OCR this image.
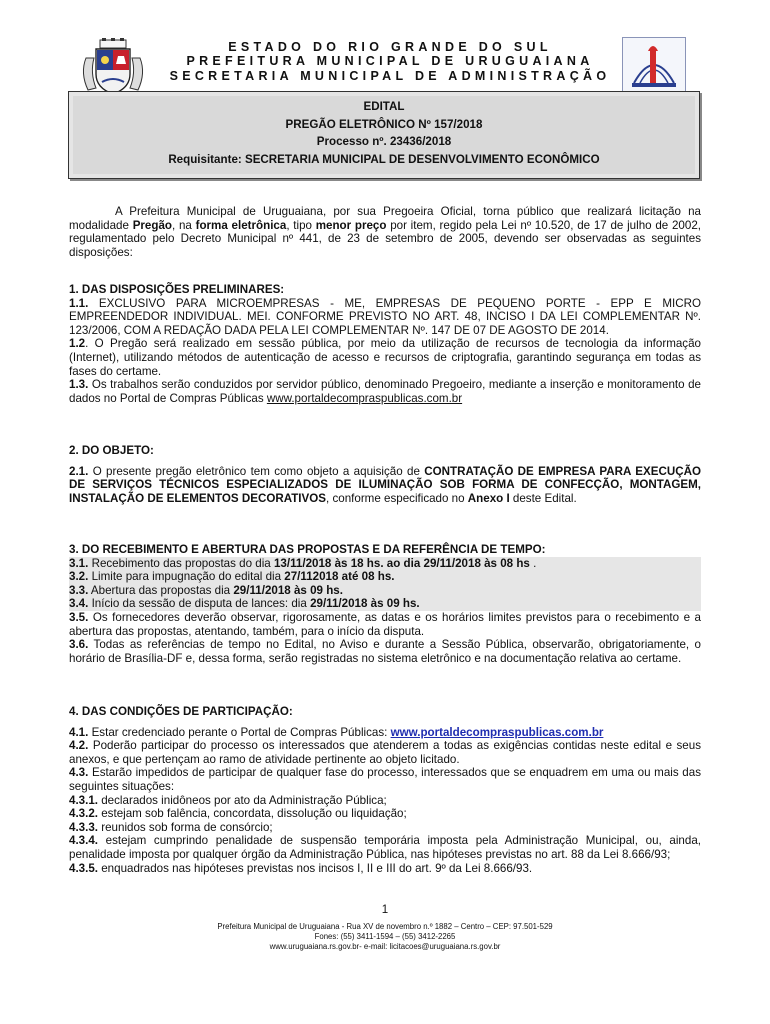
ESTADO DO RIO GRANDE DO SUL
PREFEITURA MUNICIPAL DE URUGUAIANA
SECRETARIA MUNICIPAL DE ADMINISTRAÇÃO
EDITAL
PREGÃO ELETRÔNICO Nº 157/2018
Processo nº. 23436/2018
Requisitante: SECRETARIA MUNICIPAL DE DESENVOLVIMENTO ECONÔMICO
A Prefeitura Municipal de Uruguaiana, por sua Pregoeira Oficial, torna público que realizará licitação na modalidade Pregão, na forma eletrônica, tipo menor preço por item, regido pela Lei nº 10.520, de 17 de julho de 2002, regulamentado pelo Decreto Municipal nº 441, de 23 de setembro de 2005, devendo ser observadas as seguintes disposições:

1. DAS DISPOSIÇÕES PRELIMINARES:

1.1. EXCLUSIVO PARA MICROEMPRESAS - ME, EMPRESAS DE PEQUENO PORTE - EPP E MICRO EMPREENDEDOR INDIVIDUAL. MEI. CONFORME PREVISTO NO ART. 48, INCISO I DA LEI COMPLEMENTAR Nº. 123/2006, COM A REDAÇÃO DADA PELA LEI COMPLEMENTAR Nº. 147 DE 07 DE AGOSTO DE 2014.

1.2. O Pregão será realizado em sessão pública, por meio da utilização de recursos de tecnologia da informação (Internet), utilizando métodos de autenticação de acesso e recursos de criptografia, garantindo segurança em todas as fases do certame.

1.3. Os trabalhos serão conduzidos por servidor público, denominado Pregoeiro, mediante a inserção e monitoramento de dados no Portal de Compras Públicas www.portaldecompraspublicas.com.br

2. DO OBJETO:

2.1. O presente pregão eletrônico tem como objeto a aquisição de CONTRATAÇÃO DE EMPRESA PARA EXECUÇÃO DE SERVIÇOS TÉCNICOS ESPECIALIZADOS DE ILUMINAÇÃO SOB FORMA DE CONFECÇÃO, MONTAGEM, INSTALAÇÃO DE ELEMENTOS DECORATIVOS, conforme especificado no Anexo I deste Edital.

3. DO RECEBIMENTO E ABERTURA DAS PROPOSTAS E DA REFERÊNCIA DE TEMPO:

3.1. Recebimento das propostas do dia 13/11/2018 às 18 hs. ao dia 29/11/2018 às 08 hs .

3.2. Limite para impugnação do edital dia 27/112018 até 08 hs.

3.3. Abertura das propostas dia 29/11/2018 às 09 hs.

3.4. Início da sessão de disputa de lances: dia 29/11/2018 às 09 hs.

3.5. Os fornecedores deverão observar, rigorosamente, as datas e os horários limites previstos para o recebimento e a abertura das propostas, atentando, também, para o início da disputa.

3.6. Todas as referências de tempo no Edital, no Aviso e durante a Sessão Pública, observarão, obrigatoriamente, o horário de Brasília-DF e, dessa forma, serão registradas no sistema eletrônico e na documentação relativa ao certame.

4. DAS CONDIÇÕES DE PARTICIPAÇÃO:

4.1. Estar credenciado perante o Portal de Compras Públicas: www.portaldecompraspublicas.com.br

4.2. Poderão participar do processo os interessados que atenderem a todas as exigências contidas neste edital e seus anexos, e que pertençam ao ramo de atividade pertinente ao objeto licitado.

4.3. Estarão impedidos de participar de qualquer fase do processo, interessados que se enquadrem em uma ou mais das seguintes situações:

4.3.1. declarados inidôneos por ato da Administração Pública;

4.3.2. estejam sob falência, concordata, dissolução ou liquidação;

4.3.3. reunidos sob forma de consórcio;

4.3.4. estejam cumprindo penalidade de suspensão temporária imposta pela Administração Municipal, ou, ainda, penalidade imposta por qualquer órgão da Administração Pública, nas hipóteses previstas no art. 88 da Lei 8.666/93;

4.3.5. enquadrados nas hipóteses previstas nos incisos I, II e III do art. 9º da Lei 8.666/93.

1
Prefeitura Municipal de Uruguaiana - Rua XV de novembro n.º 1882 – Centro – CEP: 97.501-529
Fones: (55) 3411-1594 – (55) 3412-2265
www.uruguaiana.rs.gov.br- e-mail: licitacoes@uruguaiana.rs.gov.br
